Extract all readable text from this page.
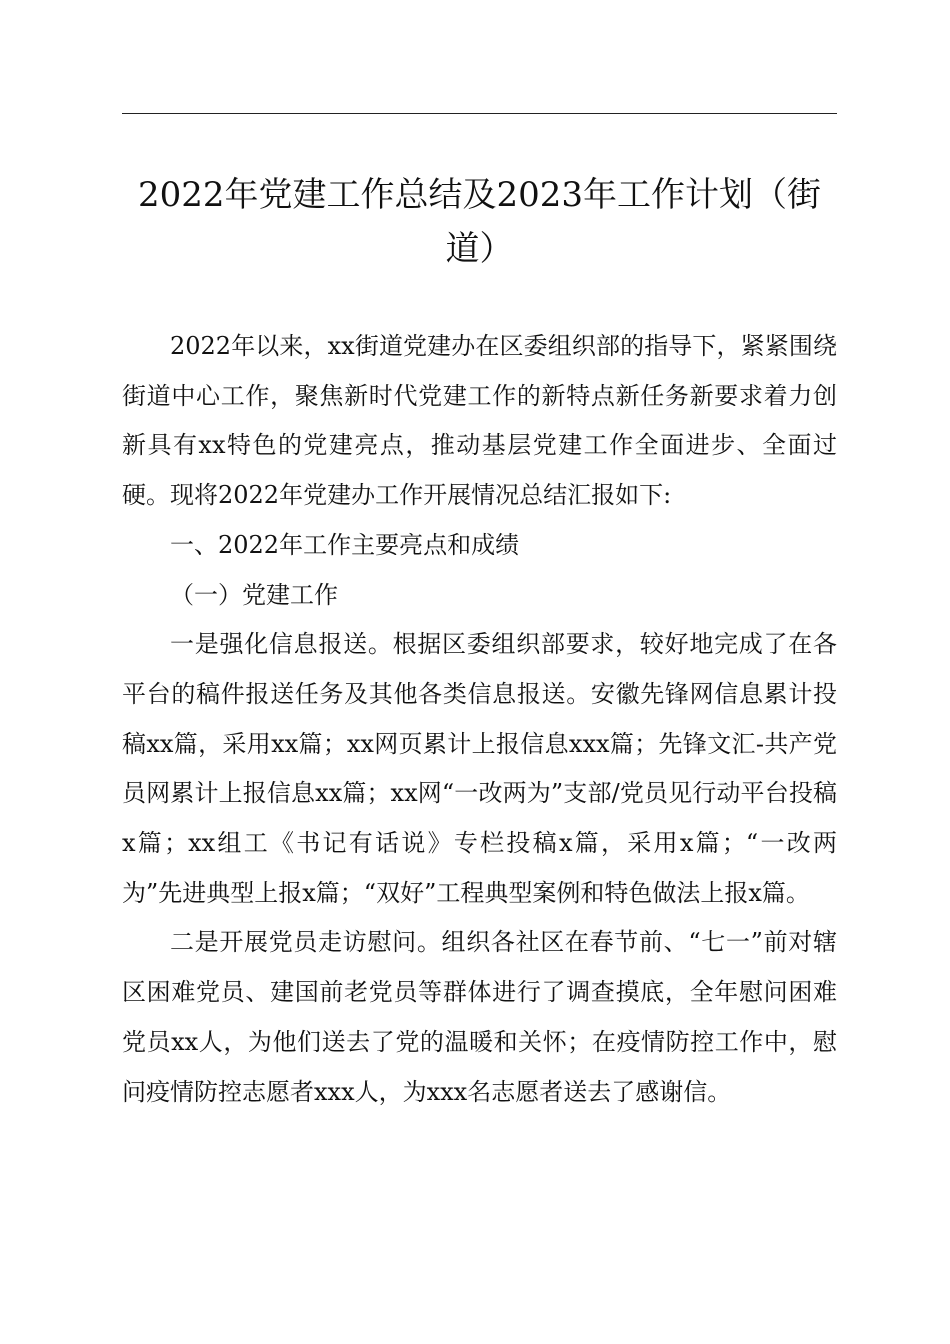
2022年党建工作总结及2023年工作计划（街道）

2022年以来，xx街道党建办在区委组织部的指导下，紧紧围绕街道中心工作，聚焦新时代党建工作的新特点新任务新要求着力创新具有xx特色的党建亮点，推动基层党建工作全面进步、全面过硬。现将2022年党建办工作开展情况总结汇报如下:

一、2022年工作主要亮点和成绩

（一）党建工作

一是强化信息报送。根据区委组织部要求，较好地完成了在各平台的稿件报送任务及其他各类信息报送。安徽先锋网信息累计投稿xx篇，采用xx篇；xx网页累计上报信息xxx篇；先锋文汇-共产党员网累计上报信息xx篇；xx网“一改两为”支部/党员见行动平台投稿x篇；xx组工《书记有话说》专栏投稿x篇，采用x篇；“一改两为”先进典型上报x篇；“双好”工程典型案例和特色做法上报x篇。

二是开展党员走访慰问。组织各社区在春节前、“七一”前对辖区困难党员、建国前老党员等群体进行了调查摸底，全年慰问困难党员xx人，为他们送去了党的温暖和关怀；在疫情防控工作中，慰问疫情防控志愿者xxx人，为xxx名志愿者送去了感谢信。
